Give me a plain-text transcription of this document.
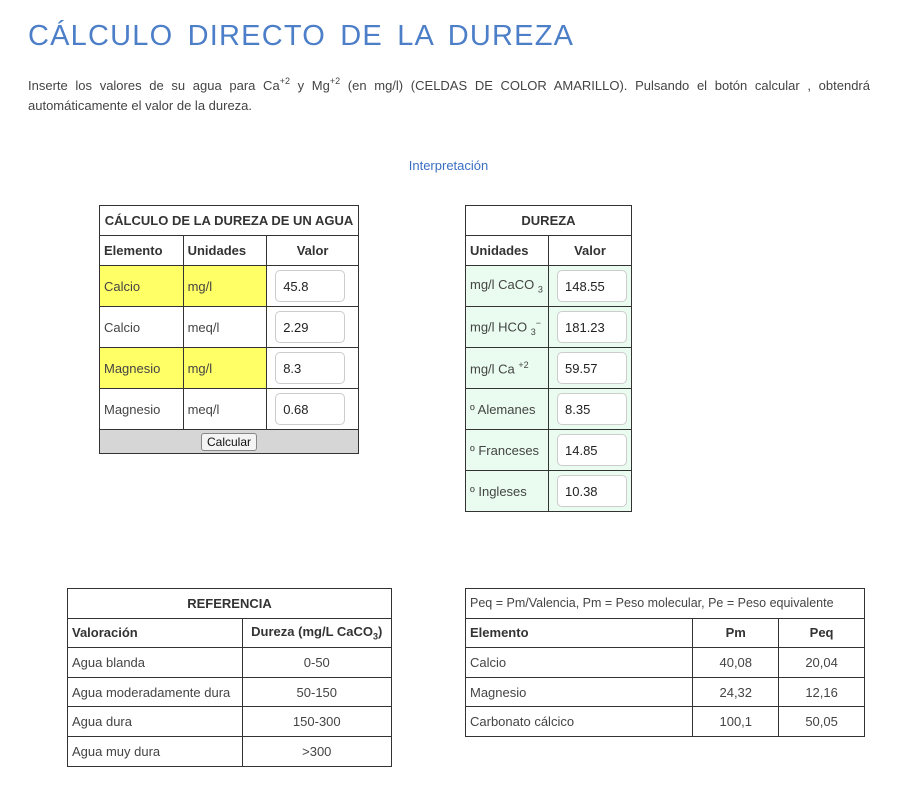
CÁLCULO DIRECTO DE LA DUREZA

Inserte los valores de su agua para $Ca^{+2}$ y $Mg^{+2}$ (en mg/l) (CELDAS DE COLOR AMARILLO). Pulsando el botón calcular , obtendrá automáticamente el valor de la dureza.

Interpretación
CÁLCULO DE LA DUREZA DE UN AGUA		
Elemento	Unidades	Valor
Calcio	mg/l	45.8
Calcio	meq/l	2.29
Magnesio	mg/l	8.3
Magnesio	meq/l	0.68
Calcular		
DUREZA	
Unidades	Valor
mg/l CaCO $_3$	148.55
mg/l HCO $_3$−	181.23
mg/l Ca $^{+2}$	59.57
º Alemanes	8.35
º Franceses	14.85
º Ingleses	10.38
REFERENCIA	
Valoración	Dureza (mg/L CaCO$_3$)
Agua blanda	0-50
Agua moderadamente dura	50-150
Agua dura	150-300
Agua muy dura	>300
Peq = Pm/Valencia, Pm = Peso molecular, Pe = Peso equivalente		
Elemento	Pm	Peq
Calcio	40,08	20,04
Magnesio	24,32	12,16
Carbonato cálcico	100,1	50,05
